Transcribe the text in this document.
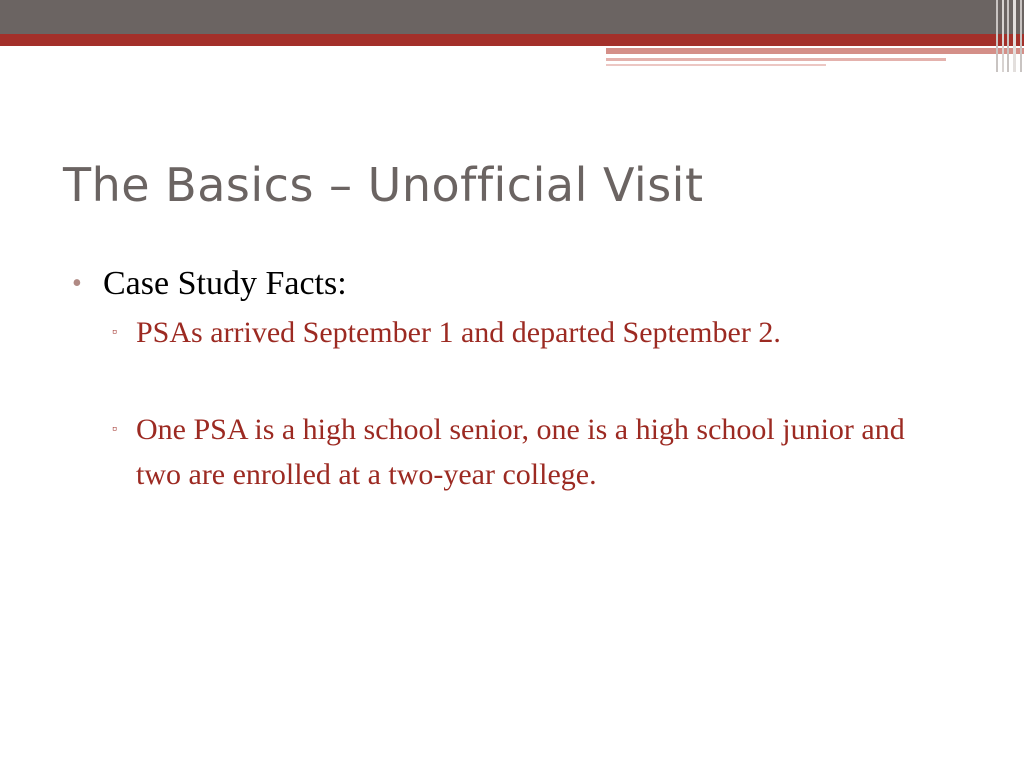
The Basics – Unofficial Visit
• Case Study Facts:
▫ PSAs arrived September 1 and departed September 2.
▫ One PSA is a high school senior, one is a high school junior and two are enrolled at a two-year college.
